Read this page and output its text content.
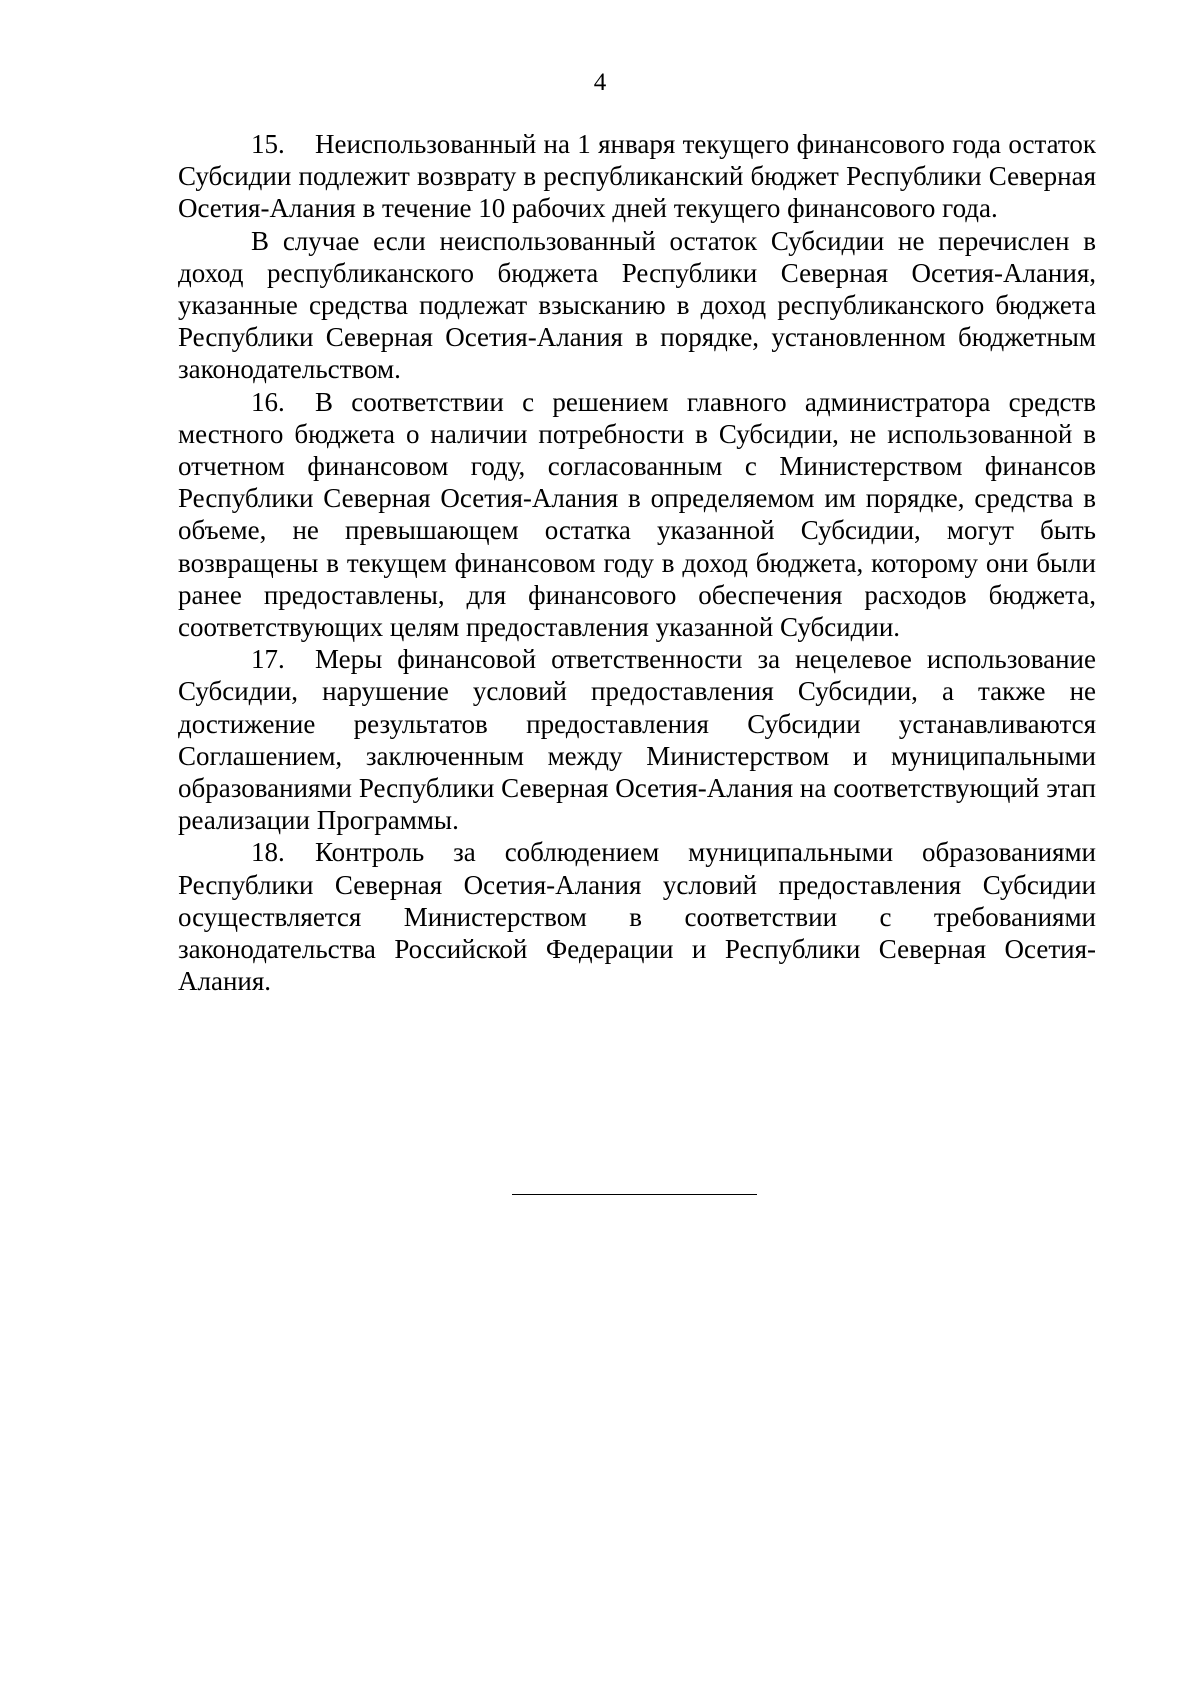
4

15. Неиспользованный на 1 января текущего финансового года остаток Субсидии подлежит возврату в республиканский бюджет Республики Северная Осетия-Алания в течение 10 рабочих дней текущего финансового года.

В случае если неиспользованный остаток Субсидии не перечислен в доход республиканского бюджета Республики Северная Осетия-Алания, указанные средства подлежат взысканию в доход республиканского бюджета Республики Северная Осетия-Алания в порядке, установленном бюджетным законодательством.

16. В соответствии с решением главного администратора средств местного бюджета о наличии потребности в Субсидии, не использованной в отчетном финансовом году, согласованным с Министерством финансов Республики Северная Осетия-Алания в определяемом им порядке, средства в объеме, не превышающем остатка указанной Субсидии, могут быть возвращены в текущем финансовом году в доход бюджета, которому они были ранее предоставлены, для финансового обеспечения расходов бюджета, соответствующих целям предоставления указанной Субсидии.

17. Меры финансовой ответственности за нецелевое использование Субсидии, нарушение условий предоставления Субсидии, а также не достижение результатов предоставления Субсидии устанавливаются Соглашением, заключенным между Министерством и муниципальными образованиями Республики Северная Осетия-Алания на соответствующий этап реализации Программы.

18. Контроль за соблюдением муниципальными образованиями Республики Северная Осетия-Алания условий предоставления Субсидии осуществляется Министерством в соответствии с требованиями законодательства Российской Федерации и Республики Северная Осетия-Алания.
